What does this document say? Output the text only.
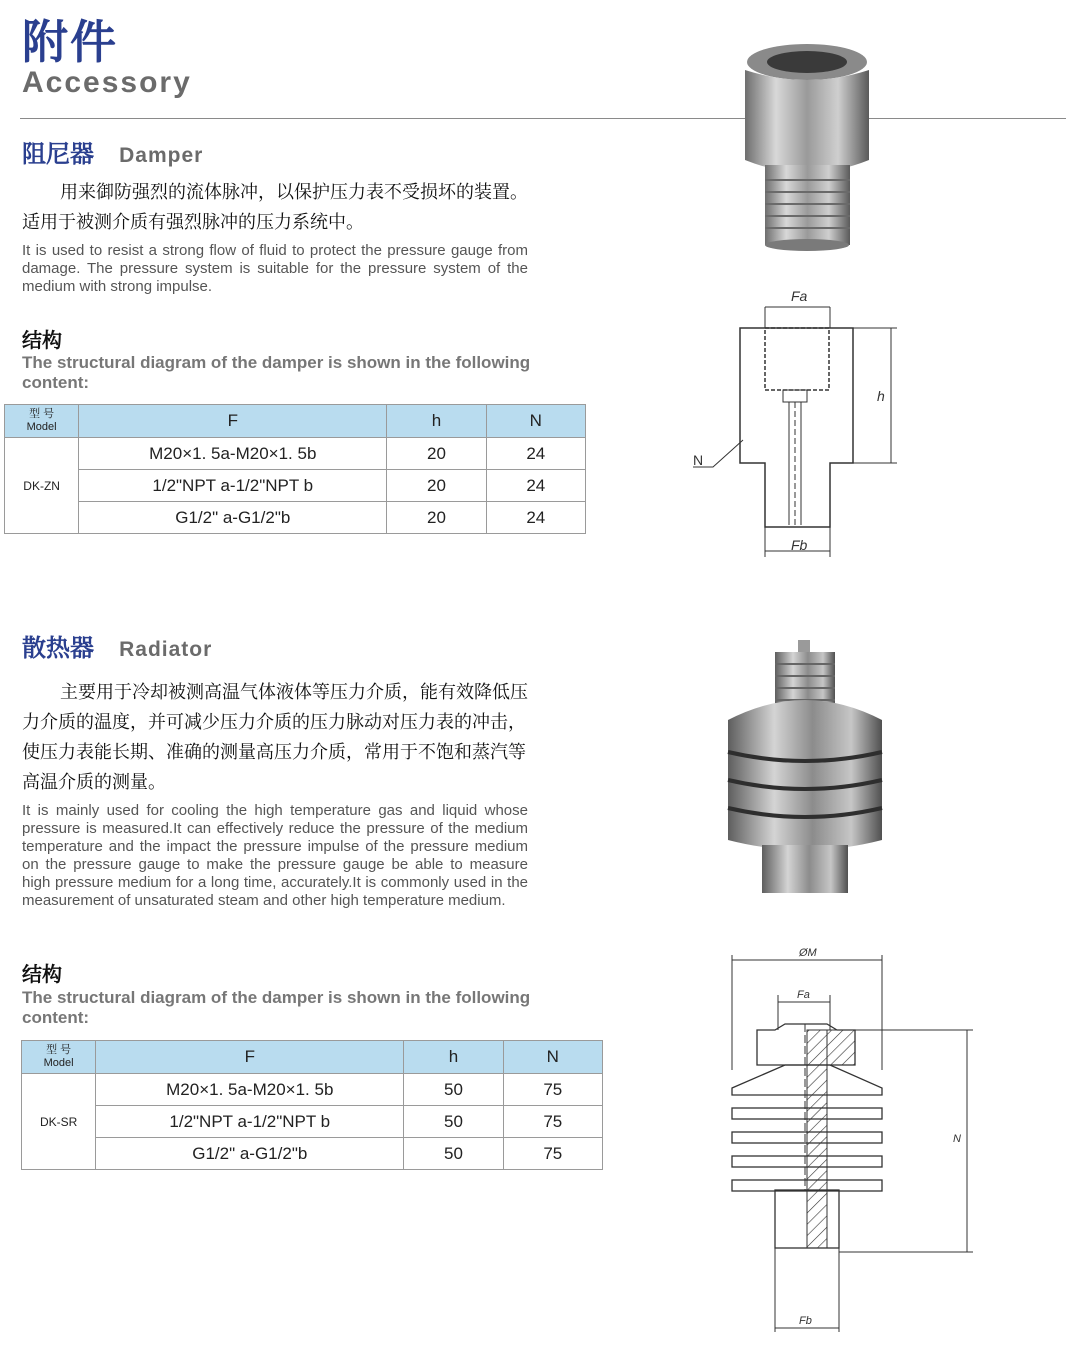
附件
Accessory
阻尼器 Damper
用来御防强烈的流体脉冲，以保护压力表不受损坏的装置。 适用于被测介质有强烈脉冲的压力系统中。
It is used to resist a strong flow of fluid to protect the pressure gauge from damage. The pressure system is suitable for the pressure system of the medium with strong impulse.
结构
The structural diagram of the damper is shown in the following content:
型 号
Model	F	h	N
DK-ZN	M20×1. 5a-M20×1. 5b	20	24
	1/2"NPT a-1/2"NPT b	20	24
	G1/2" a-G1/2"b	20	24
Fa
Fb
h
N
散热器 Radiator
主要用于冷却被测高温气体液体等压力介质，能有效降低压力介质的温度，并可减少压力介质的压力脉动对压力表的冲击，使压力表能长期、准确的测量高压力介质，常用于不饱和蒸汽等高温介质的测量。
It is mainly used for cooling the high temperature gas and liquid whose pressure is measured.It can effectively reduce the pressure of the medium temperature and the impact the pressure impulse of the pressure medium on the pressure gauge to make the pressure gauge be able to measure high pressure medium for a long time, accurately.It is commonly used in the measurement of unsaturated steam and other high temperature medium.
结构
The structural diagram of the damper is shown in the following content:
型 号
Model	F	h	N
DK-SR	M20×1. 5a-M20×1. 5b	50	75
	1/2"NPT a-1/2"NPT b	50	75
	G1/2" a-G1/2"b	50	75
ØM
Fa
Fb
N
